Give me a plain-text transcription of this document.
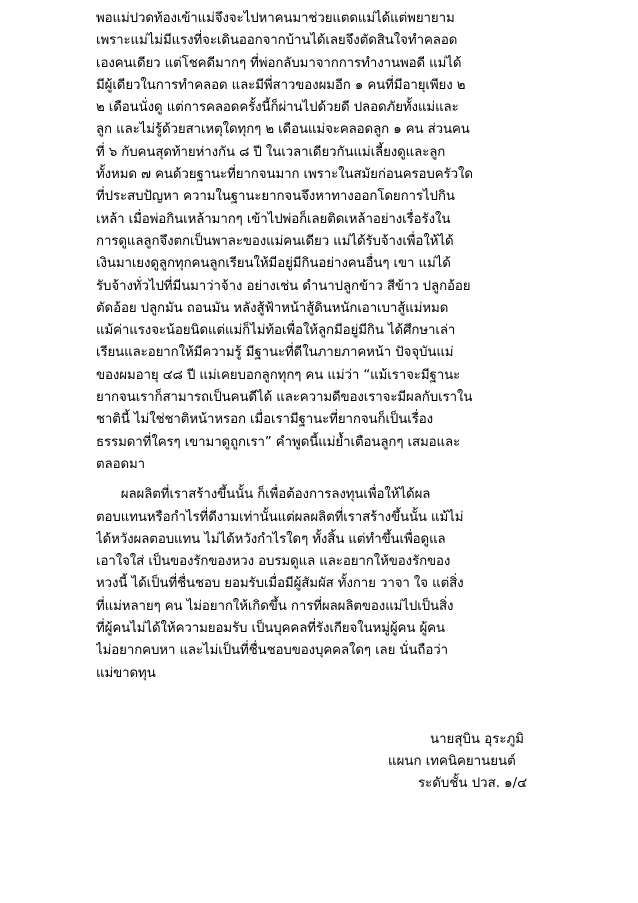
พอแม่ปวดท้องเข้าแม่จึงจะไปหาคนมาช่วยแตดแม่ได้แต่พยายาม
เพราะแม่ไม่มีแรงที่จะเดินออกจากบ้านได้เลยจึงตัดสินใจทำคลอด
เองคนเดียว แต่โชคดีมากๆ ที่พ่อกลับมาจากการทำงานพอดี แม่ได้
มีผู้เดียวในการทำคลอด และมีพี่สาวของผมอีก ๑ คนที่มีอายุเพียง ๒
๒ เดือนนั่งดู แต่การคลอดครั้งนี้ก็ผ่านไปด้วยดี ปลอดภัยทั้งแม่และ
ลูก และไม่รู้ด้วยสาเหตุใดทุกๆ ๒ เดือนแม่จะคลอดลูก ๑ คน ส่วนคน
ที่ ๖ กับคนสุดท้ายห่างกัน ๘ ปี ในเวลาเดียวกันแม่เลี้ยงดูและลูก
ทั้งหมด ๗ คนด้วยฐานะที่ยากจนมาก เพราะในสมัยก่อนครอบครัวใด
ที่ประสบปัญหา ความในฐานะยากจนจึงหาทางออกโดยการไปกิน
เหล้า เมื่อพ่อกินเหล้ามากๆ เข้าไปพ่อก็เลยติดเหล้าอย่างเรื่อรังใน
การดูแลลูกจึงตกเป็นพาละของแม่คนเดียว แม่ได้รับจ้างเพื่อให้ได้
เงินมาเยงดูลูกทุกคนลูกเรียนให้มีอยู่มีกินอย่างคนอื่นๆ เขา แม่ได้
รับจ้างทั่วไปที่มีนมาว่าจ้าง อย่างเช่น ดำนาปลูกข้าว สีข้าว ปลูกอ้อย
ตัดอ้อย ปลูกมัน ถอนมัน หลังสู้ฟ้าหน้าสู้ดินหนักเอาเบาสู้แม่หมด
แม้ค่าแรงจะน้อยนิดแต่แม่ก็ไม่ท้อเพื่อให้ลูกมีอยู่มีกิน ได้ศึกษาเล่า
เรียนและอยากให้มีความรู้ มีฐานะที่ดีในภายภาคหน้า ปัจจุบันแม่
ของผมอายุ ๔๘ ปี แม่เคยบอกลูกทุกๆ คน แม่ว่า “แม้เราจะมีฐานะ
ยากจนเราก็สามารถเป็นคนดีได้ และความดีของเราจะมีผลกับเราใน
ชาตินี้ ไม่ใช่ชาติหน้าหรอก เมื่อเรามีฐานะที่ยากจนก็เป็นเรื่อง
ธรรมดาที่ใครๆ เขามาดูถูกเรา” คำพูดนี้แม่ย้ำเตือนลูกๆ เสมอและ
ตลอดมา
ผลผลิตที่เราสร้างขึ้นนั้น ก็เพื่อต้องการลงทุนเพื่อให้ได้ผล
ตอบแทนหรือกำไรที่ดีงามเท่านั้นแต่ผลผลิตที่เราสร้างขึ้นนั้น แม้ไม่
ได้หวังผลตอบแทน ไม่ได้หวังกำไรใดๆ ทั้งสิ้น แต่ทำขึ้นเพื่อดูแล
เอาใจใส่ เป็นของรักของหวง อบรมดูแล และอยากให้ของรักของ
หวงนี้ ได้เป็นที่ชื่นชอบ ยอมรับเมื่อมีผู้สัมผัส ทั้งกาย วาจา ใจ แต่สิ่ง
ที่แม่หลายๆ คน ไม่อยากให้เกิดขึ้น การที่ผลผลิตของแม่ไปเป็นสิ่ง
ที่ผู้คนไม่ได้ให้ความยอมรับ เป็นบุคคลที่รังเกียจในหมู่ผู้คน ผู้คน
ไม่อยากคบหา และไม่เป็นที่ชื่นชอบของบุคคลใดๆ เลย นั่นถือว่า
แม่ขาดทุน
นายสุบิน อุระภูมิ
แผนก เทคนิคยานยนต์
ระดับชั้น ปวส. ๑/๔
